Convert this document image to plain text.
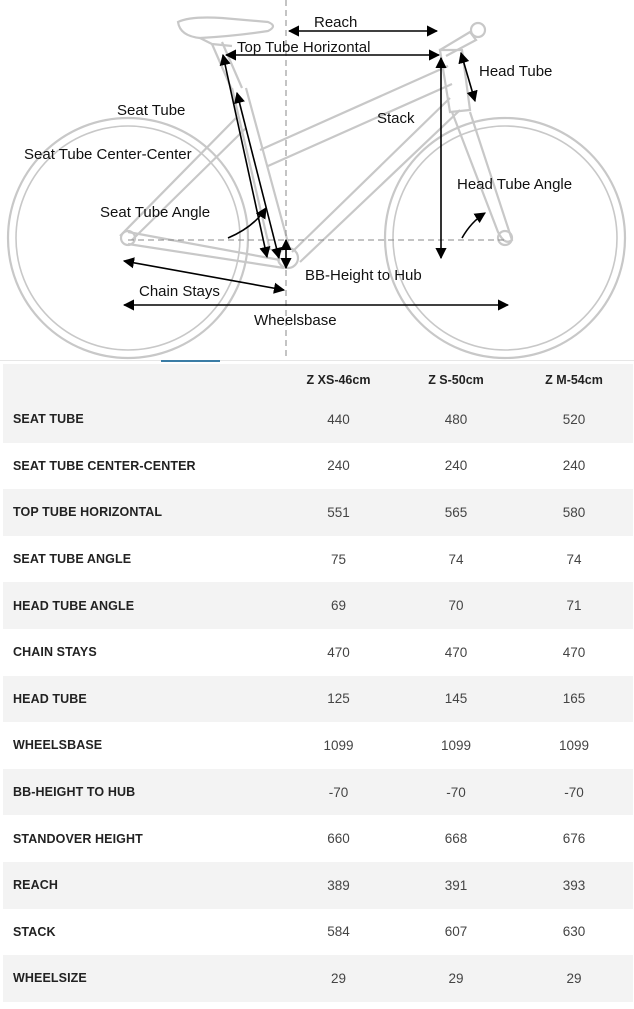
Reach
Top Tube Horizontal
Head Tube
Seat Tube	Stack
Seat Tube Center-Center
Head Tube Angle
Seat Tube Angle
BB-Height to Hub
Chain Stays
Wheelsbase
	Z XS-46cm	Z S-50cm	Z M-54cm
SEAT TUBE	440	480	520
SEAT TUBE CENTER-CENTER	240	240	240
TOP TUBE HORIZONTAL	551	565	580
SEAT TUBE ANGLE	75	74	74
HEAD TUBE ANGLE	69	70	71
CHAIN STAYS	470	470	470
HEAD TUBE	125	145	165
WHEELSBASE	1099	1099	1099
BB-HEIGHT TO HUB	-70	-70	-70
STANDOVER HEIGHT	660	668	676
REACH	389	391	393
STACK	584	607	630
WHEELSIZE	29	29	29
